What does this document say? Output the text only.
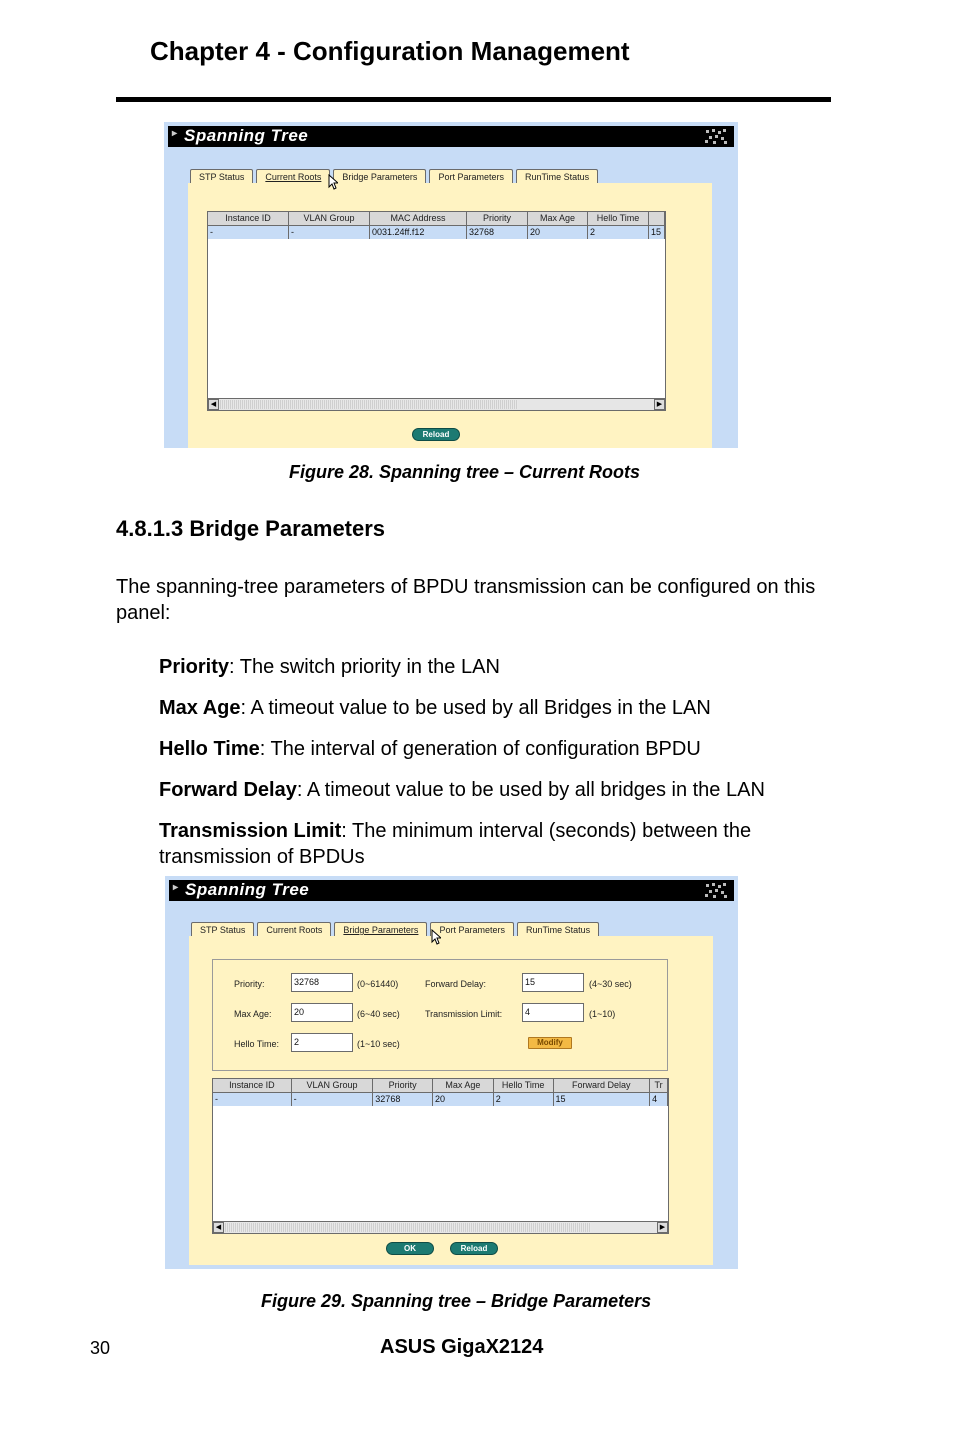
Chapter 4 - Configuration Management
▸ Spanning Tree
STP Status	Current Roots	Bridge Parameters	Port Parameters	RunTime Status
Instance ID	VLAN Group	MAC Address	Priority	Max Age	Hello Time
-	-	0031.24ff.f12	32768	20	2	15
◀	▶
Reload
Figure 28. Spanning tree – Current Roots
4.8.1.3 Bridge Parameters
The spanning-tree parameters of BPDU transmission can be configured on this panel:
Priority: The switch priority in the LAN
Max Age: A timeout value to be used by all Bridges in the LAN
Hello Time: The interval of generation of configuration BPDU
Forward Delay: A timeout value to be used by all bridges in the LAN
Transmission Limit: The minimum interval (seconds) between the transmission of BPDUs
▸ Spanning Tree
STP Status	Current Roots	Bridge Parameters	Port Parameters	RunTime Status
Priority:	32768	(0~61440)
Max Age:	20	(6~40 sec)
Hello Time:	2	(1~10 sec)
Forward Delay:	15	(4~30 sec)
Transmission Limit:	4	(1~10)
Modify
Instance ID	VLAN Group	Priority	Max Age	Hello Time	Forward Delay	Tr
-	-	32768	20	2	15	4
◀	▶
OK	Reload
Figure 29. Spanning tree – Bridge Parameters
30	ASUS GigaX2124
